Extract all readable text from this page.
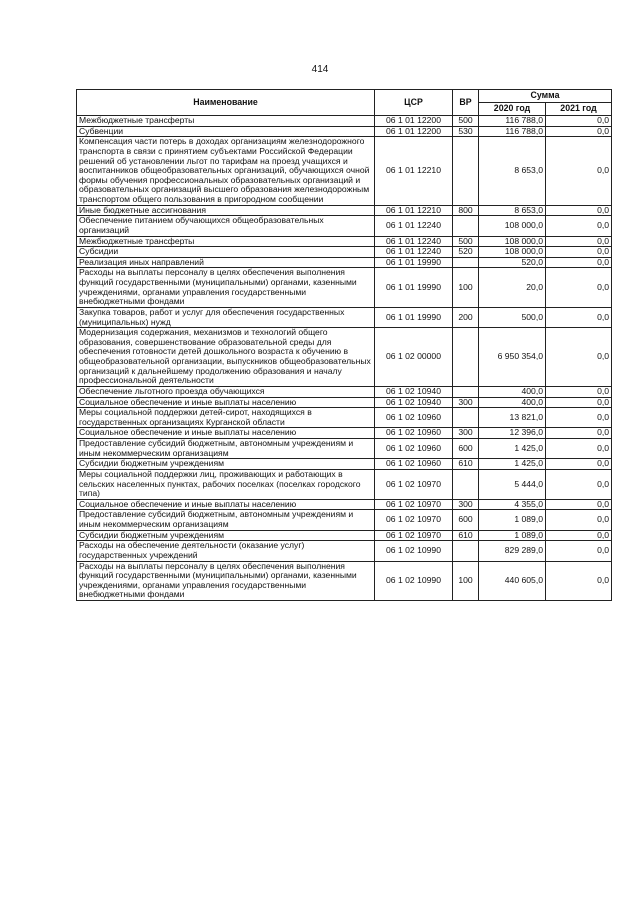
414
Наименование	ЦСР	ВР	Сумма	
			2020 год	2021 год
Межбюджетные трансферты	06 1 01 12200	500	116 788,0	0,0
Субвенции	06 1 01 12200	530	116 788,0	0,0
Компенсация части потерь в доходах организациям железнодорожного транспорта в связи с принятием субъектами Российской Федерации решений об установлении льгот по тарифам на проезд учащихся и воспитанников общеобразовательных организаций, обучающихся очной формы обучения профессиональных образовательных организаций и образовательных организаций высшего образования железнодорожным транспортом общего пользования в пригородном сообщении	06 1 01 12210		8 653,0	0,0
Иные бюджетные ассигнования	06 1 01 12210	800	8 653,0	0,0
Обеспечение питанием обучающихся общеобразовательных организаций	06 1 01 12240		108 000,0	0,0
Межбюджетные трансферты	06 1 01 12240	500	108 000,0	0,0
Субсидии	06 1 01 12240	520	108 000,0	0,0
Реализация иных направлений	06 1 01 19990		520,0	0,0
Расходы на выплаты персоналу в целях обеспечения выполнения функций государственными (муниципальными) органами, казенными учреждениями, органами управления государственными внебюджетными фондами	06 1 01 19990	100	20,0	0,0
Закупка товаров, работ и услуг для обеспечения государственных (муниципальных) нужд	06 1 01 19990	200	500,0	0,0
Модернизация содержания, механизмов и технологий общего образования, совершенствование образовательной среды для обеспечения готовности детей дошкольного возраста к обучению в общеобразовательной организации, выпускников общеобразовательных организаций к дальнейшему продолжению образования и началу профессиональной деятельности	06 1 02 00000		6 950 354,0	0,0
Обеспечение льготного проезда обучающихся	06 1 02 10940		400,0	0,0
Социальное обеспечение и иные выплаты населению	06 1 02 10940	300	400,0	0,0
Меры социальной поддержки детей-сирот, находящихся в государственных организациях Курганской области	06 1 02 10960		13 821,0	0,0
Социальное обеспечение и иные выплаты населению	06 1 02 10960	300	12 396,0	0,0
Предоставление субсидий бюджетным, автономным учреждениям и иным некоммерческим организациям	06 1 02 10960	600	1 425,0	0,0
Субсидии бюджетным учреждениям	06 1 02 10960	610	1 425,0	0,0
Меры социальной поддержки лиц, проживающих и работающих в сельских населенных пунктах, рабочих поселках (поселках городского типа)	06 1 02 10970		5 444,0	0,0
Социальное обеспечение и иные выплаты населению	06 1 02 10970	300	4 355,0	0,0
Предоставление субсидий бюджетным, автономным учреждениям и иным некоммерческим организациям	06 1 02 10970	600	1 089,0	0,0
Субсидии бюджетным учреждениям	06 1 02 10970	610	1 089,0	0,0
Расходы на обеспечение деятельности (оказание услуг) государственных учреждений	06 1 02 10990		829 289,0	0,0
Расходы на выплаты персоналу в целях обеспечения выполнения функций государственными (муниципальными) органами, казенными учреждениями, органами управления государственными внебюджетными фондами	06 1 02 10990	100	440 605,0	0,0
